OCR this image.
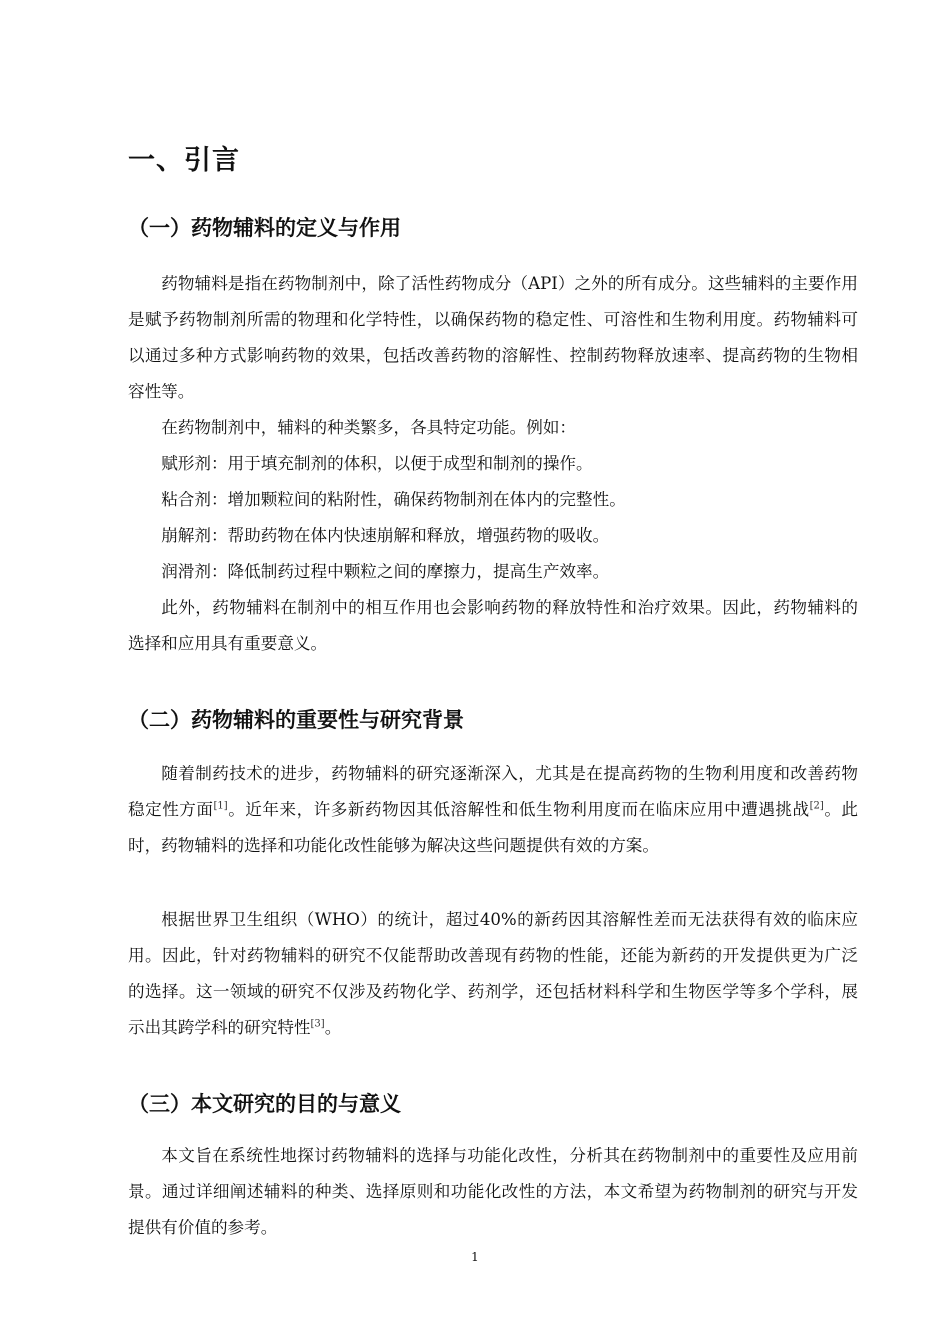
一、引言
（一）药物辅料的定义与作用

药物辅料是指在药物制剂中，除了活性药物成分（API）之外的所有成分。这些辅料的主要作用是赋予药物制剂所需的物理和化学特性，以确保药物的稳定性、可溶性和生物利用度。药物辅料可以通过多种方式影响药物的效果，包括改善药物的溶解性、控制药物释放速率、提高药物的生物相容性等。

在药物制剂中，辅料的种类繁多，各具特定功能。例如：

赋形剂：用于填充制剂的体积，以便于成型和制剂的操作。

粘合剂：增加颗粒间的粘附性，确保药物制剂在体内的完整性。

崩解剂：帮助药物在体内快速崩解和释放，增强药物的吸收。

润滑剂：降低制药过程中颗粒之间的摩擦力，提高生产效率。

此外，药物辅料在制剂中的相互作用也会影响药物的释放特性和治疗效果。因此，药物辅料的选择和应用具有重要意义。

（二）药物辅料的重要性与研究背景

随着制药技术的进步，药物辅料的研究逐渐深入，尤其是在提高药物的生物利用度和改善药物稳定性方面[1]。近年来，许多新药物因其低溶解性和低生物利用度而在临床应用中遭遇挑战[2]。此时，药物辅料的选择和功能化改性能够为解决这些问题提供有效的方案。

根据世界卫生组织（WHO）的统计，超过40%的新药因其溶解性差而无法获得有效的临床应用。因此，针对药物辅料的研究不仅能帮助改善现有药物的性能，还能为新药的开发提供更为广泛的选择。这一领域的研究不仅涉及药物化学、药剂学，还包括材料科学和生物医学等多个学科，展示出其跨学科的研究特性[3]。

（三）本文研究的目的与意义

本文旨在系统性地探讨药物辅料的选择与功能化改性，分析其在药物制剂中的重要性及应用前景。通过详细阐述辅料的种类、选择原则和功能化改性的方法，本文希望为药物制剂的研究与开发提供有价值的参考。

1
